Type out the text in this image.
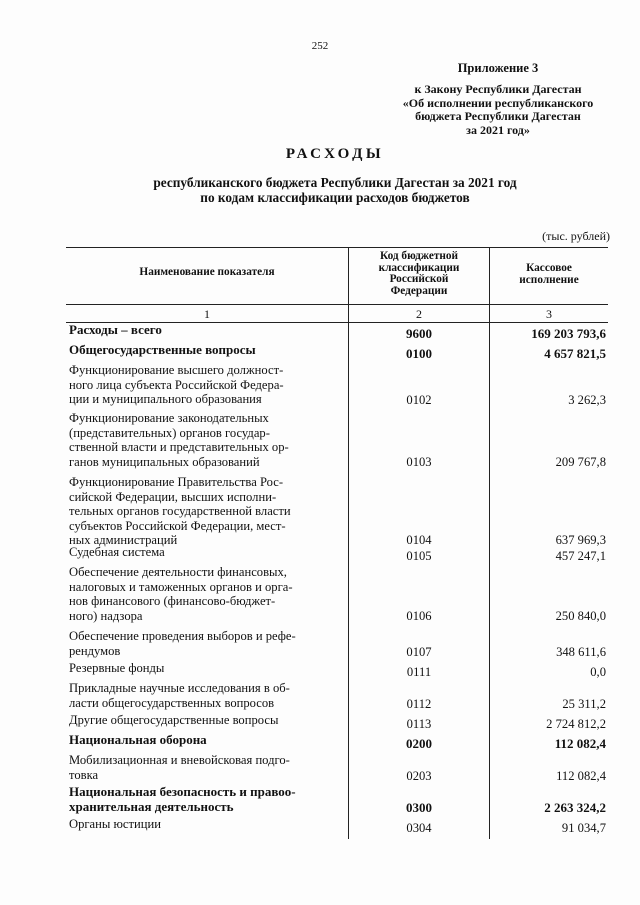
252
Приложение 3
к Закону Республики Дагестан
«Об исполнении республиканского
бюджета Республики Дагестан
за 2021 год»
РАСХОДЫ
республиканского бюджета Республики Дагестан за 2021 год
по кодам классификации расходов бюджетов
(тыс. рублей)
Наименование показателя
Код бюджетной
классификации
Российской
Федерации
Кассовое
исполнение
1	2	3
Расходы – всего	9600	169 203 793,6
Общегосударственные вопросы	0100	4 657 821,5
Функционирование высшего должност-
ного лица субъекта Российской Федера-
ции и муниципального образования	0102	3 262,3
Функционирование законодательных
(представительных) органов государ-
ственной власти и представительных ор-
ганов муниципальных образований	0103	209 767,8
Функционирование Правительства Рос-
сийской Федерации, высших исполни-
тельных органов государственной власти
субъектов Российской Федерации, мест-
ных администраций	0104	637 969,3
Судебная система	0105	457 247,1
Обеспечение деятельности финансовых,
налоговых и таможенных органов и орга-
нов финансового (финансово-бюджет-
ного) надзора	0106	250 840,0
Обеспечение проведения выборов и рефе-
рендумов	0107	348 611,6
Резервные фонды	0111	0,0
Прикладные научные исследования в об-
ласти общегосударственных вопросов	0112	25 311,2
Другие общегосударственные вопросы	0113	2 724 812,2
Национальная оборона	0200	112 082,4
Мобилизационная и вневойсковая подго-
товка	0203	112 082,4
Национальная безопасность и правоо-
хранительная деятельность	0300	2 263 324,2
Органы юстиции	0304	91 034,7
